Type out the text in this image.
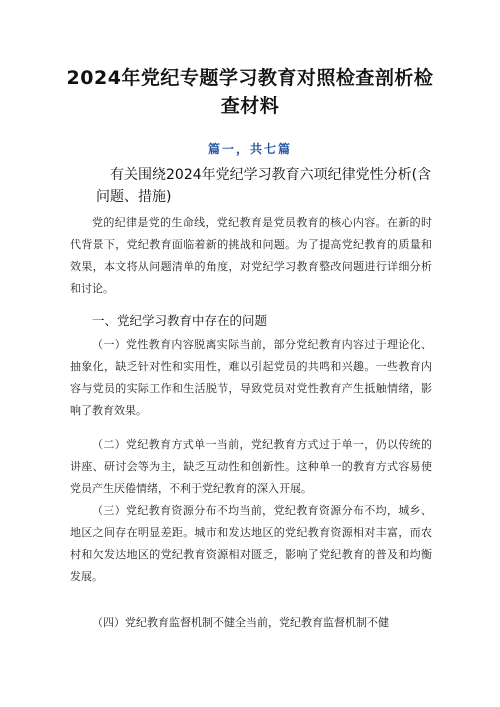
2024年党纪专题学习教育对照检查剖析检查材料
篇一，共七篇
有关围绕2024年党纪学习教育六项纪律党性分析(含问题、措施)
党的纪律是党的生命线，党纪教育是党员教育的核心内容。在新的时代背景下，党纪教育面临着新的挑战和问题。为了提高党纪教育的质量和效果，本文将从问题清单的角度，对党纪学习教育整改问题进行详细分析和讨论。
一、党纪学习教育中存在的问题
（一）党性教育内容脱离实际当前，部分党纪教育内容过于理论化、抽象化，缺乏针对性和实用性，难以引起党员的共鸣和兴趣。一些教育内容与党员的实际工作和生活脱节，导致党员对党性教育产生抵触情绪，影响了教育效果。
（二）党纪教育方式单一当前，党纪教育方式过于单一，仍以传统的讲座、研讨会等为主，缺乏互动性和创新性。这种单一的教育方式容易使党员产生厌倦情绪，不利于党纪教育的深入开展。
（三）党纪教育资源分布不均当前，党纪教育资源分布不均，城乡、地区之间存在明显差距。城市和发达地区的党纪教育资源相对丰富，而农村和欠发达地区的党纪教育资源相对匮乏，影响了党纪教育的普及和均衡发展。
（四）党纪教育监督机制不健全当前，党纪教育监督机制不健
